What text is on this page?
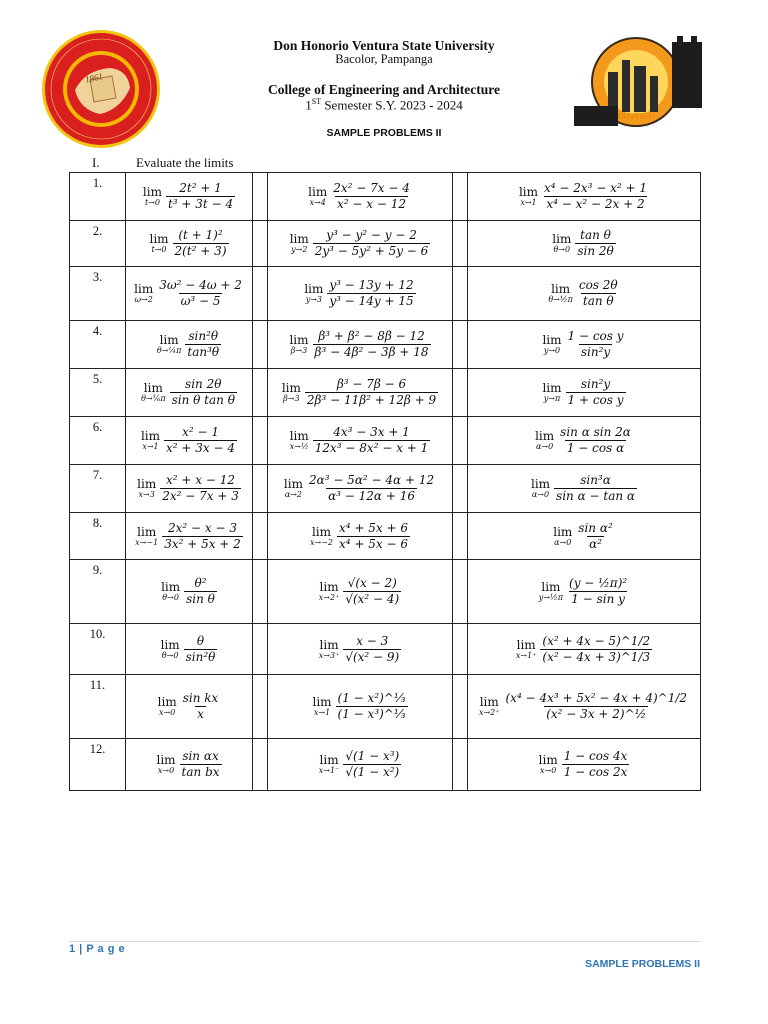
1861
DHVTSU
Don Honorio Ventura State University
Bacolor, Pampanga
College of Engineering and Architecture
1ST Semester S.Y. 2023 - 2024
SAMPLE PROBLEMS II
I.	Evaluate the limits
1.	lim
$t\to 0 \frac{\text{2t² + 1}}{\text{t³ + 3t − 4}}$		lim
$x\to 4 \frac{\text{2x² − 7x − 4}}{\text{x² − x − 12}}$		lim
$x\to 1 \frac{\text{x⁴ − 2x³ − x² + 1}}{\text{x⁴ − x² − 2x + 2}}$

2.	lim
$t\to 0 \frac{\text{(t + 1)²}}{\text{2(t² + 3)}}$		lim
$y\to 2 \frac{\text{y³ − y² − y − 2}}{\text{2y³ − 5y² + 5y − 6}}$		lim
$\theta\to 0 \frac{\text{tan θ}}{\sin 2\theta}$

3.	lim
$\omega\to 2 \frac{\text{3ω² − 4ω + 2}}{\text{ω³ − 5}}$		lim
$y\to 3 \frac{\text{y³ − 13y + 12}}{\text{y³ − 14y + 15}}$		lim
θ→½π $\frac{\cos 2\theta}{\text{tan θ}}$

4.	lim
θ→¼π $\frac{\text{sin²θ}}{\text{tan³θ}}$		lim
$\beta\to 3 \frac{\text{β³ + β² − 8β − 12}}{\text{β³ − 4β² − 3β + 18}}$		lim
$y\to 0 \frac{\text{1 − cos y}}{\text{sin²y}}$

5.	lim
θ→⅙π $\frac{\sin 2\theta}{\text{sin θ tan θ}}$		lim
$\beta\to 3 \frac{\text{β³ − 7β − 6}}{\text{2β³ − 11β² + 12β + 9}}$		lim
$y\to\pi \frac{\text{sin²y}}{\text{1 + cos y}}$

6.	lim
$x\to 1 \frac{\text{x² − 1}}{\text{x² + 3x − 4}}$		lim
x→½ $\frac{\text{4x³ − 3x + 1}}{\text{12x³ − 8x² − x + 1}}$		lim
$\alpha\to 0 \frac{\text{sin α sin 2α}}{\text{1 − cos α}}$

7.	lim
$x\to 3 \frac{\text{x² + x − 12}}{\text{2x² − 7x + 3}}$		lim
$\alpha\to 2 \frac{\text{2α³ − 5α² − 4α + 12}}{\text{α³ − 12α + 16}}$		lim
$\alpha\to 0 \frac{\text{sin³α}}{\text{sin α − tan α}}$

8.	lim
$x\to-1 \frac{\text{2x² − x − 3}}{\text{3x² + 5x + 2}}$		lim
$x\to-2 \frac{\text{x⁴ + 5x + 6}}{\text{x⁴ + 5x − 6}}$		lim
$\alpha\to 0 \frac{\text{sin α²}}{\text{α²}}$

9.	lim
$\theta\to 0 \frac{\text{θ²}}{\text{sin θ}}$		lim
$x\to 2^+ \frac{√(x - 2)}{\text{√(x² − 4)}}$		lim
y→½π $\frac{\text{(y − ½π)²}}{\text{1 − sin y}}$

10.	lim
$\theta\to 0 \frac{\theta}{\text{sin²θ}}$		lim
$x\to 3^+ \frac{x - 3}{\text{√(x² − 9)}}$		lim
$x\to 1^+ \frac{\text{(x² + 4x − 5)\textasciicircum{}1/2}}{\text{(x² − 4x + 3)\textasciicircum{}1/3}}$

11.	lim
$x\to 0 \frac{\text{sin kx}}{x}$		lim
$x\to 1 \frac{\text{(1 − x²)\textasciicircum{}⅓}}{\text{(1 − x³)\textasciicircum{}⅓}}$		lim
$x\to 2^+ \frac{\text{(x⁴ − 4x³ + 5x² − 4x + 4)\textasciicircum{}1/2}}{\text{(x² − 3x + 2)\textasciicircum{}½}}$

12.	lim
$x\to 0 \frac{\text{sin αx}}{\text{tan bx}}$		lim
$x\to 1^- \frac{\text{√(1 − x³)}}{\text{√(1 − x²)}}$		lim
$x\to 0 \frac{1 - \cos 4x}{1 - \cos 2x}$
1 | P a g e
SAMPLE PROBLEMS II
